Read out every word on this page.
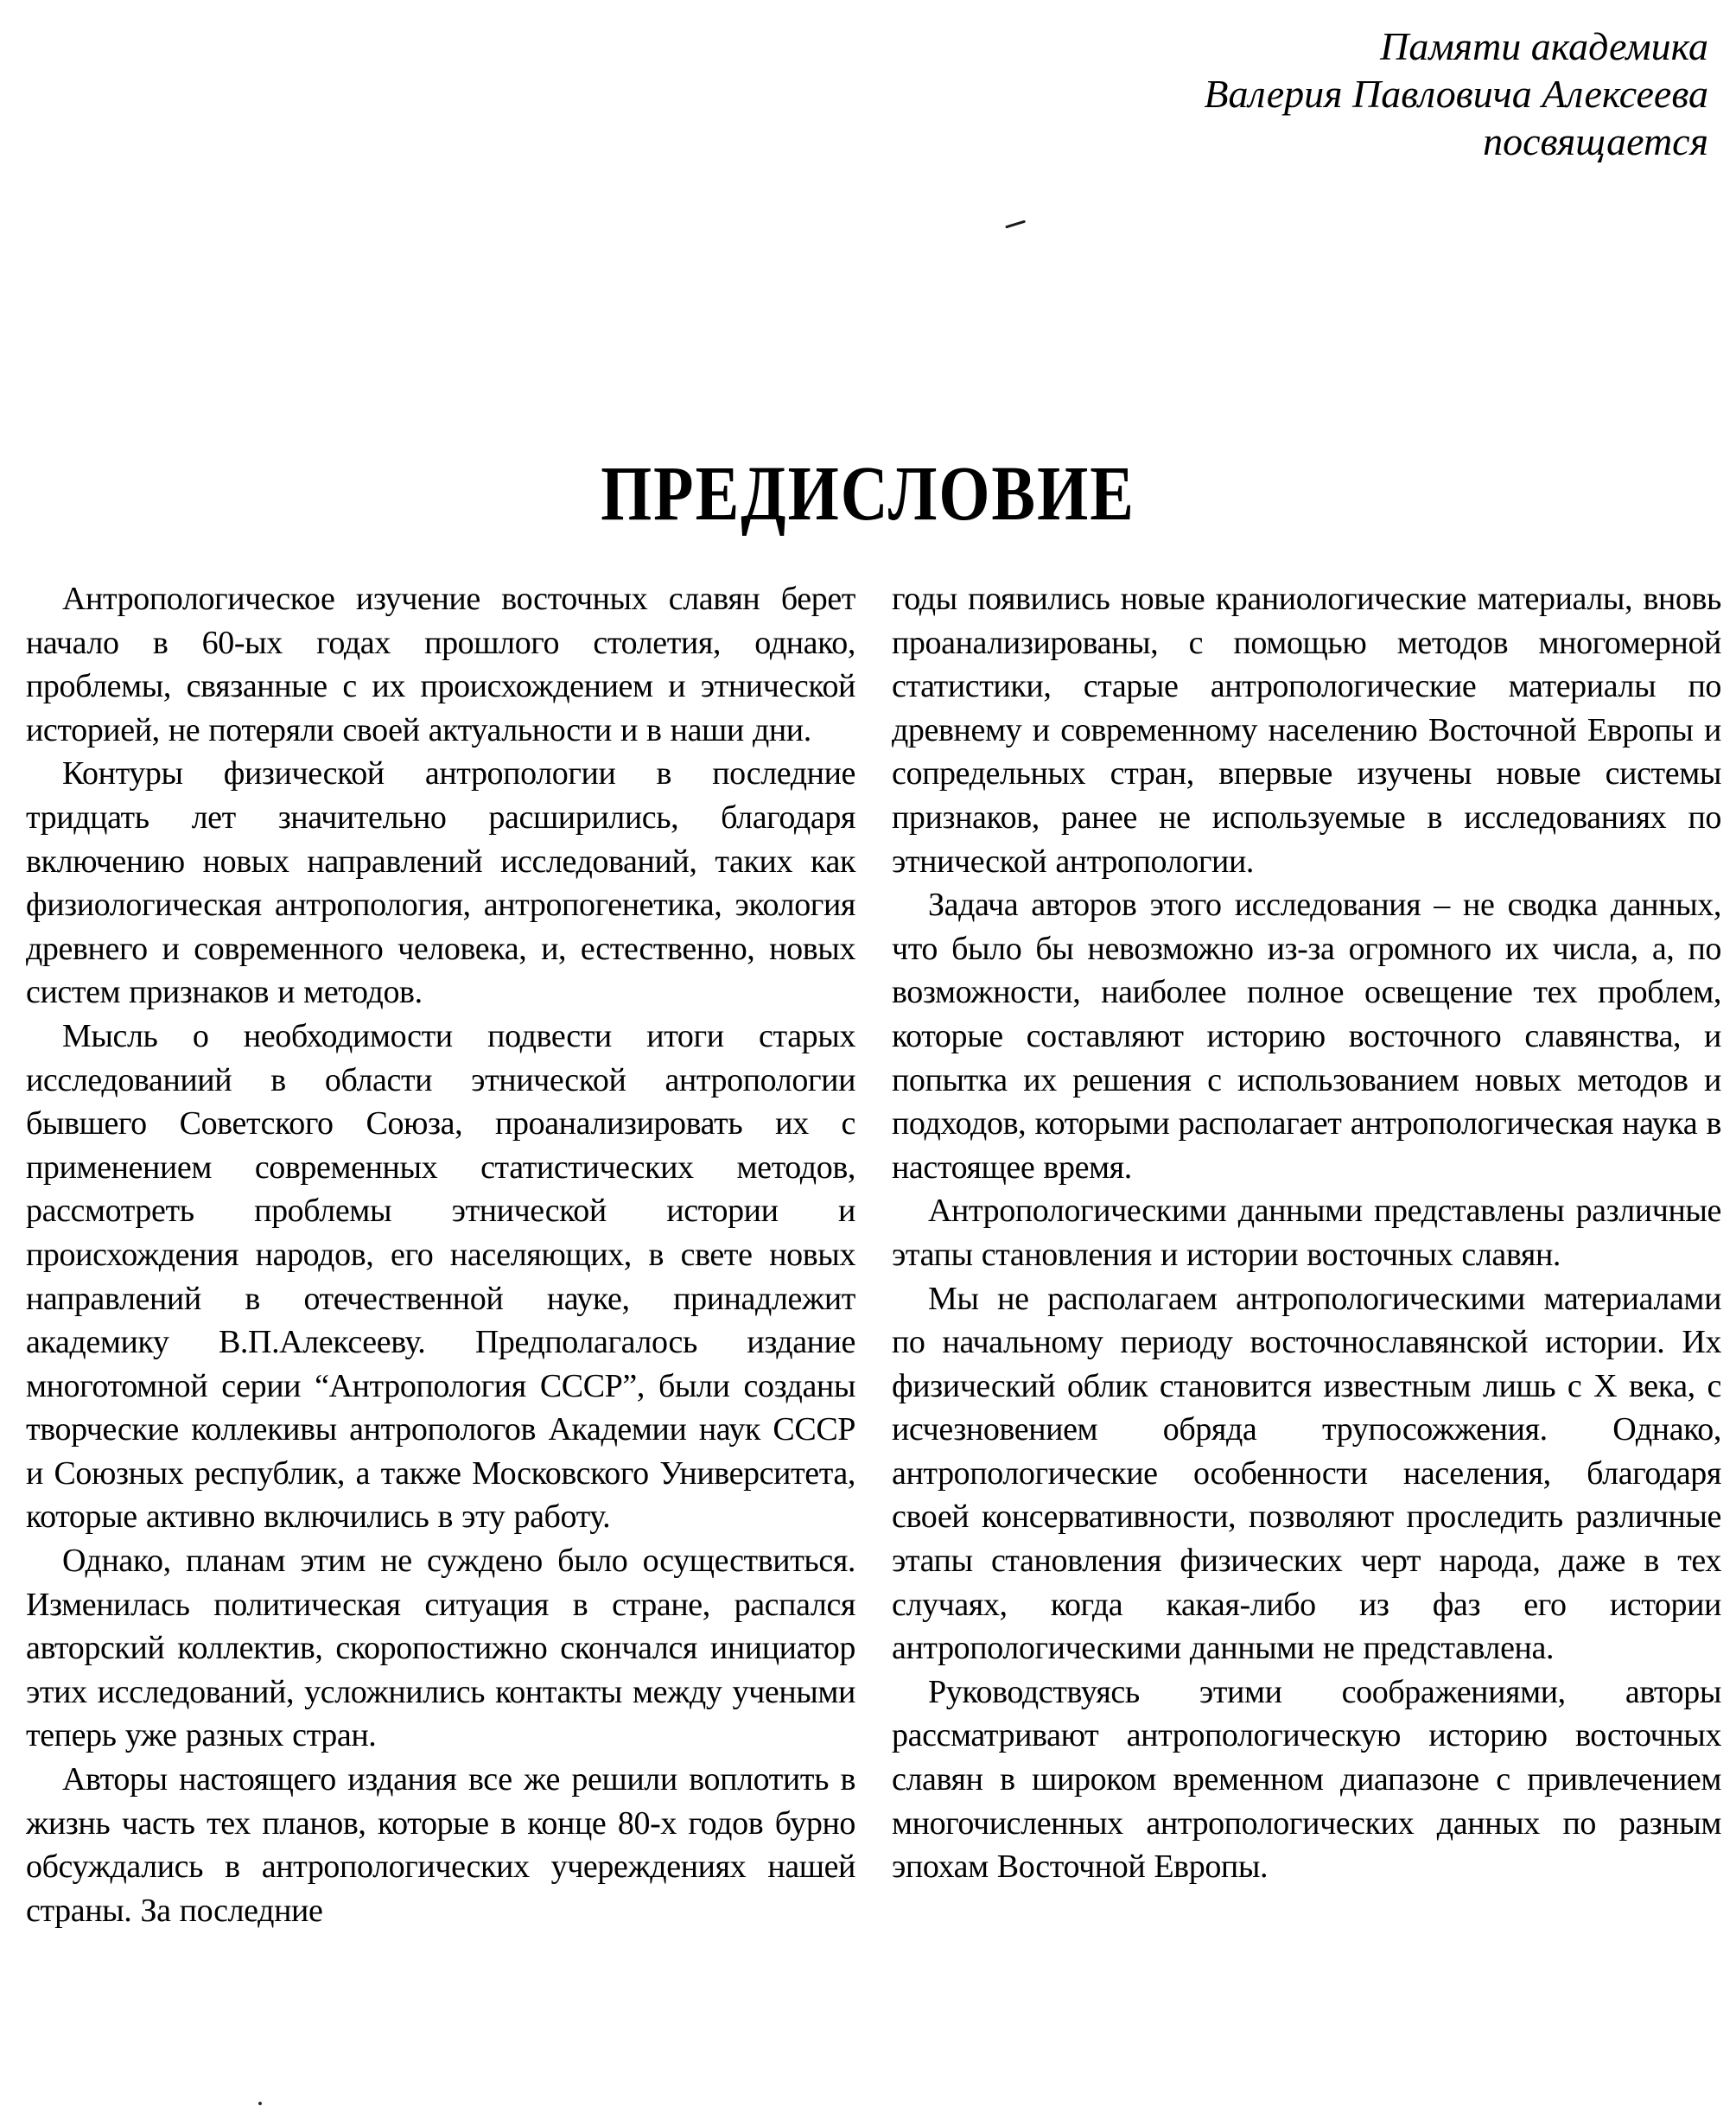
Памяти академика
Валерия Павловича Алексеева
посвящается
ПРЕДИСЛОВИЕ

Антропологическое изучение восточных славян берет начало в 60-ых годах прошлого столетия, однако, проблемы, связанные с их происхождением и этнической историей, не потеряли своей актуальности и в наши дни.

Контуры физической антропологии в последние тридцать лет значительно расширились, благодаря включению новых направлений исследований, таких как физиологическая антропология, антропогенетика, экология древнего и современного человека, и, естественно, новых систем признаков и методов.

Мысль о необходимости подвести итоги старых исследованиий в области этнической антропологии бывшего Советского Союза, проанализировать их с применением современных статистических методов, рассмотреть проблемы этнической истории и происхождения народов, его населяющих, в свете новых направлений в отечественной науке, принадлежит академику В.П.Алексееву. Предполагалось издание многотомной серии “Антропология СССР”, были созданы творческие коллекивы антропологов Академии наук СССР и Союзных республик, а также Московского Университета, которые активно включились в эту работу.

Однако, планам этим не суждено было осуществиться. Изменилась политическая ситуация в стране, распался авторский коллектив, скоропостижно скончался инициатор этих исследований, усложнились контакты между учеными теперь уже разных стран.

Авторы настоящего издания все же решили воплотить в жизнь часть тех планов, которые в конце 80-х годов бурно обсуждались в антропологических учереждениях нашей страны. За последние

годы появились новые краниологические материалы, вновь проанализированы, с помощью методов многомерной статистики, старые антропологические материалы по древнему и современному населению Восточной Европы и сопредельных стран, впервые изучены новые системы признаков, ранее не используемые в исследованиях по этнической антропологии.

Задача авторов этого исследования – не сводка данных, что было бы невозможно из-за огромного их числа, а, по возможности, наиболее полное освещение тех проблем, которые составляют историю восточного славянства, и попытка их решения с использованием новых методов и подходов, которыми располагает антропологическая наука в настоящее время.

Антропологическими данными представлены различные этапы становления и истории восточных славян.

Мы не располагаем антропологическими материалами по начальному периоду восточнославянской истории. Их физический облик становится известным лишь с X века, с исчезновением обряда трупосожжения. Однако, антропологические особенности населения, благодаря своей консервативности, позволяют проследить различные этапы становления физических черт народа, даже в тех случаях, когда какая-либо из фаз его истории антропологическими данными не представлена.

Руководствуясь этими соображениями, авторы рассматривают антропологическую историю восточных славян в широком временном диапазоне с привлечением многочисленных антропологических данных по разным эпохам Восточной Европы.
